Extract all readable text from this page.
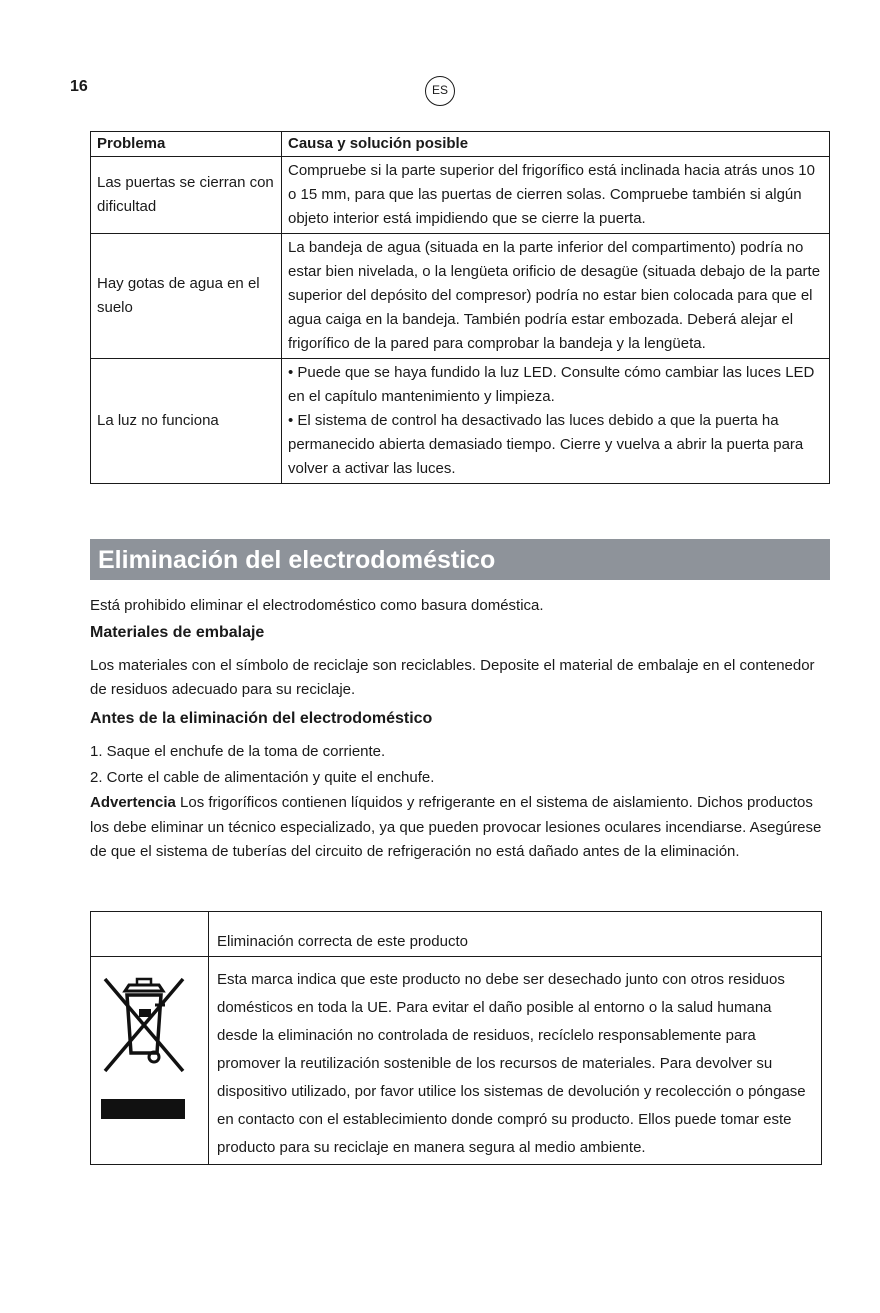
16	ES
Problema	Causa y solución posible
Las puertas se cierran con dificultad	Compruebe si la parte superior del frigorífico está inclinada hacia atrás unos 10 o 15 mm, para que las puertas de cierren solas. Compruebe también si algún objeto interior está impidiendo que se cierre la puerta.
Hay gotas de agua en el suelo	La bandeja de agua (situada en la parte inferior del compartimento) podría no estar bien nivelada, o la lengüeta orificio de desagüe (situada debajo de la parte superior del depósito del compresor) podría no estar bien colocada para que el agua caiga en la bandeja. También podría estar embozada. Deberá alejar el frigorífico de la pared para comprobar la bandeja y la lengüeta.
La luz no funciona	• Puede que se haya fundido la luz LED. Consulte cómo cambiar las luces LED en el capítulo mantenimiento y limpieza.
• El sistema de control ha desactivado las luces debido a que la puerta ha permanecido abierta demasiado tiempo. Cierre y vuelva a abrir la puerta para volver a activar las luces.
Eliminación del electrodoméstico

Está prohibido eliminar el electrodoméstico como basura doméstica.

Materiales de embalaje

Los materiales con el símbolo de reciclaje son reciclables. Deposite el material de embalaje en el contenedor de residuos adecuado para su reciclaje.

Antes de la eliminación del electrodoméstico

1. Saque el enchufe de la toma de corriente.

2. Corte el cable de alimentación y quite el enchufe.

Advertencia Los frigoríficos contienen líquidos y refrigerante en el sistema de aislamiento. Dichos productos los debe eliminar un técnico especializado, ya que pueden provocar lesiones oculares incendiarse. Asegúrese de que el sistema de tuberías del circuito de refrigeración no está dañado antes de la eliminación.

	Eliminación correcta de este producto

	Esta marca indica que este producto no debe ser desechado junto con otros residuos domésticos en toda la UE. Para evitar el daño posible al entorno o la salud humana desde la eliminación no controlada de residuos, recíclelo responsablemente para promover la reutilización sostenible de los recursos de materiales. Para devolver su dispositivo utilizado, por favor utilice los sistemas de devolución y recolección o póngase en contacto con el establecimiento donde compró su producto. Ellos puede tomar este producto para su reciclaje en manera segura al medio ambiente.
